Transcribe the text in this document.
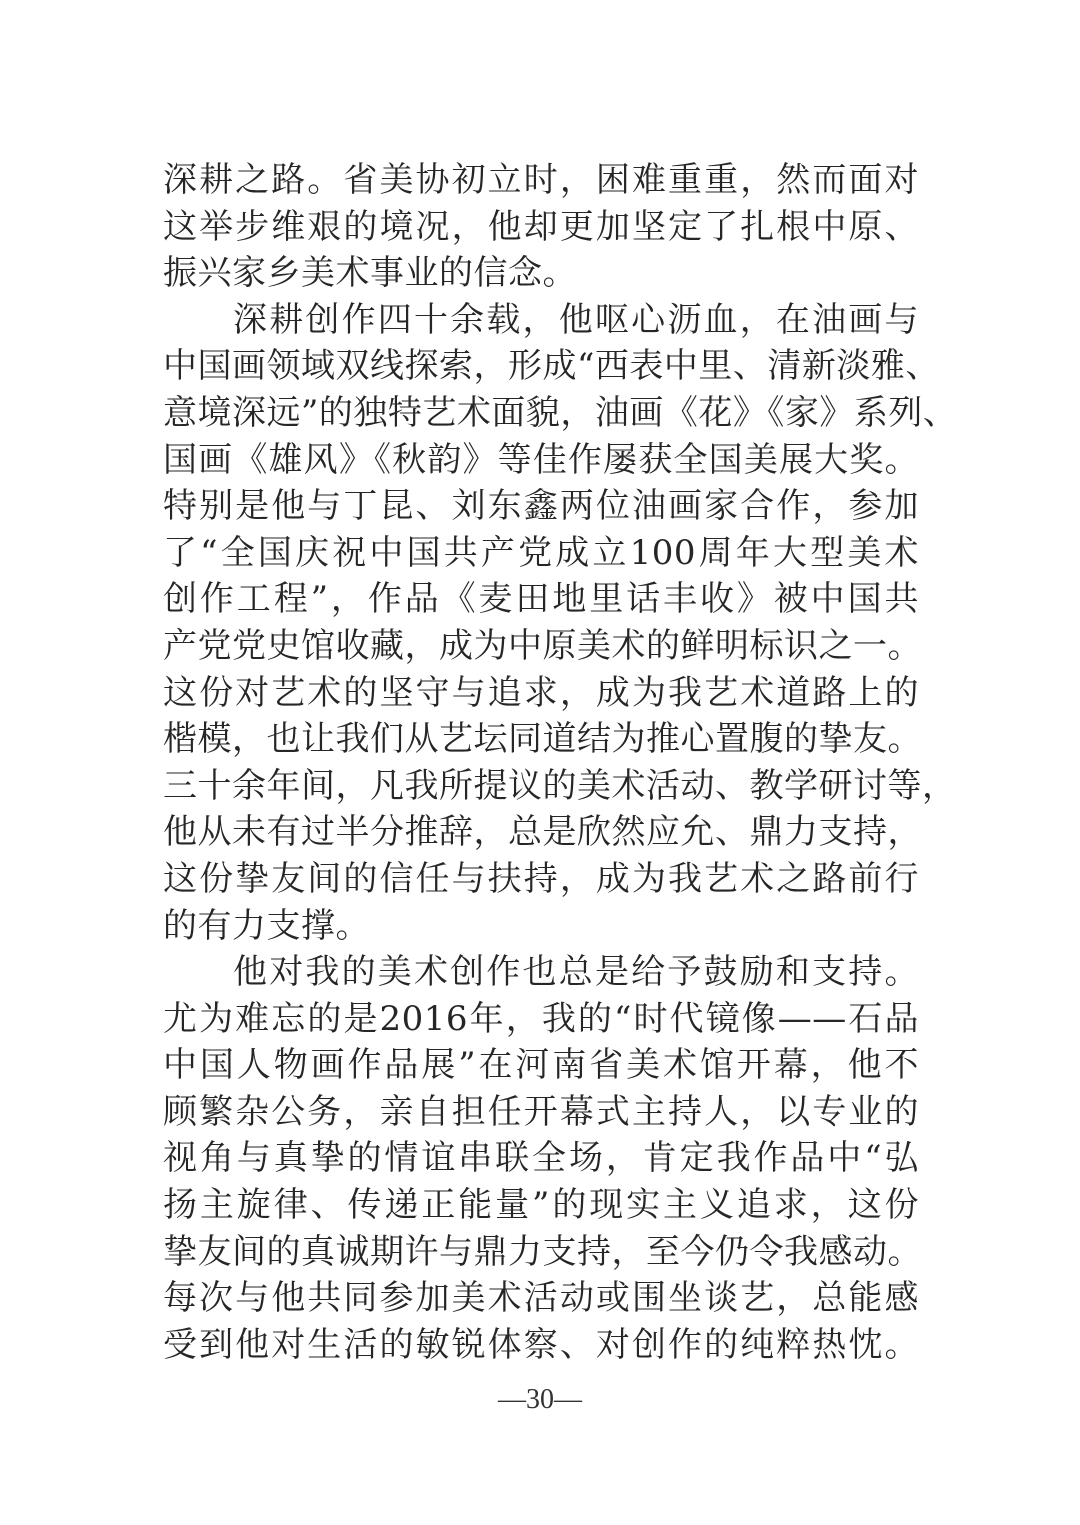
深耕之路。省美协初立时，困难重重，然而面对
这举步维艰的境况，他却更加坚定了扎根中原、
振兴家乡美术事业的信念。
深耕创作四十余载，他呕心沥血，在油画与
中国画领域双线探索，形成“西表中里、清新淡雅、
意境深远”的独特艺术面貌，油画《花》《家》系列、
国画《雄风》《秋韵》等佳作屡获全国美展大奖。
特别是他与丁昆、刘东鑫两位油画家合作，参加
了“全国庆祝中国共产党成立100周年大型美术
创作工程”，作品《麦田地里话丰收》被中国共
产党党史馆收藏，成为中原美术的鲜明标识之一。
这份对艺术的坚守与追求，成为我艺术道路上的
楷模，也让我们从艺坛同道结为推心置腹的挚友。
三十余年间，凡我所提议的美术活动、教学研讨等，
他从未有过半分推辞，总是欣然应允、鼎力支持，
这份挚友间的信任与扶持，成为我艺术之路前行
的有力支撑。
他对我的美术创作也总是给予鼓励和支持。
尤为难忘的是2016年，我的“时代镜像——石品
中国人物画作品展”在河南省美术馆开幕，他不
顾繁杂公务，亲自担任开幕式主持人，以专业的
视角与真挚的情谊串联全场，肯定我作品中“弘
扬主旋律、传递正能量”的现实主义追求，这份
挚友间的真诚期许与鼎力支持，至今仍令我感动。
每次与他共同参加美术活动或围坐谈艺，总能感
受到他对生活的敏锐体察、对创作的纯粹热忱。
—30—
